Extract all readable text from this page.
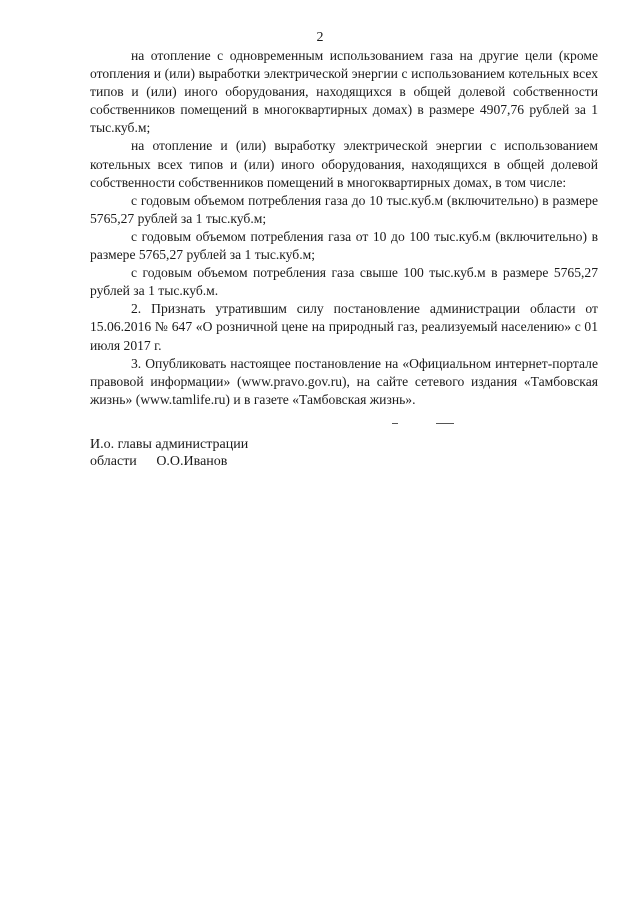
2

на отопление с одновременным использованием газа на другие цели (кроме отопления и (или) выработки электрической энергии с использованием котельных всех типов и (или) иного оборудования, находящихся в общей долевой собственности собственников помещений в многоквартирных домах) в размере 4907,76 рублей за 1 тыс.куб.м;

на отопление и (или) выработку электрической энергии с использованием котельных всех типов и (или) иного оборудования, находящихся в общей долевой собственности собственников помещений в многоквартирных домах, в том числе:

с годовым объемом потребления газа до 10 тыс.куб.м (включительно) в размере 5765,27 рублей за 1 тыс.куб.м;

с годовым объемом потребления газа от 10 до 100 тыс.куб.м (включительно) в размере 5765,27 рублей за 1 тыс.куб.м;

с годовым объемом потребления газа свыше 100 тыс.куб.м в размере 5765,27 рублей за 1 тыс.куб.м.

2. Признать утратившим силу постановление администрации области от 15.06.2016 № 647 «О розничной цене на природный газ, реализуемый населению» с 01 июля 2017 г.

3. Опубликовать настоящее постановление на «Официальном интернет-портале правовой информации» (www.pravo.gov.ru), на сайте сетевого издания «Тамбовская жизнь» (www.tamlife.ru) и в газете «Тамбовская жизнь».

И.о. главы администрации
области О.О.Иванов
